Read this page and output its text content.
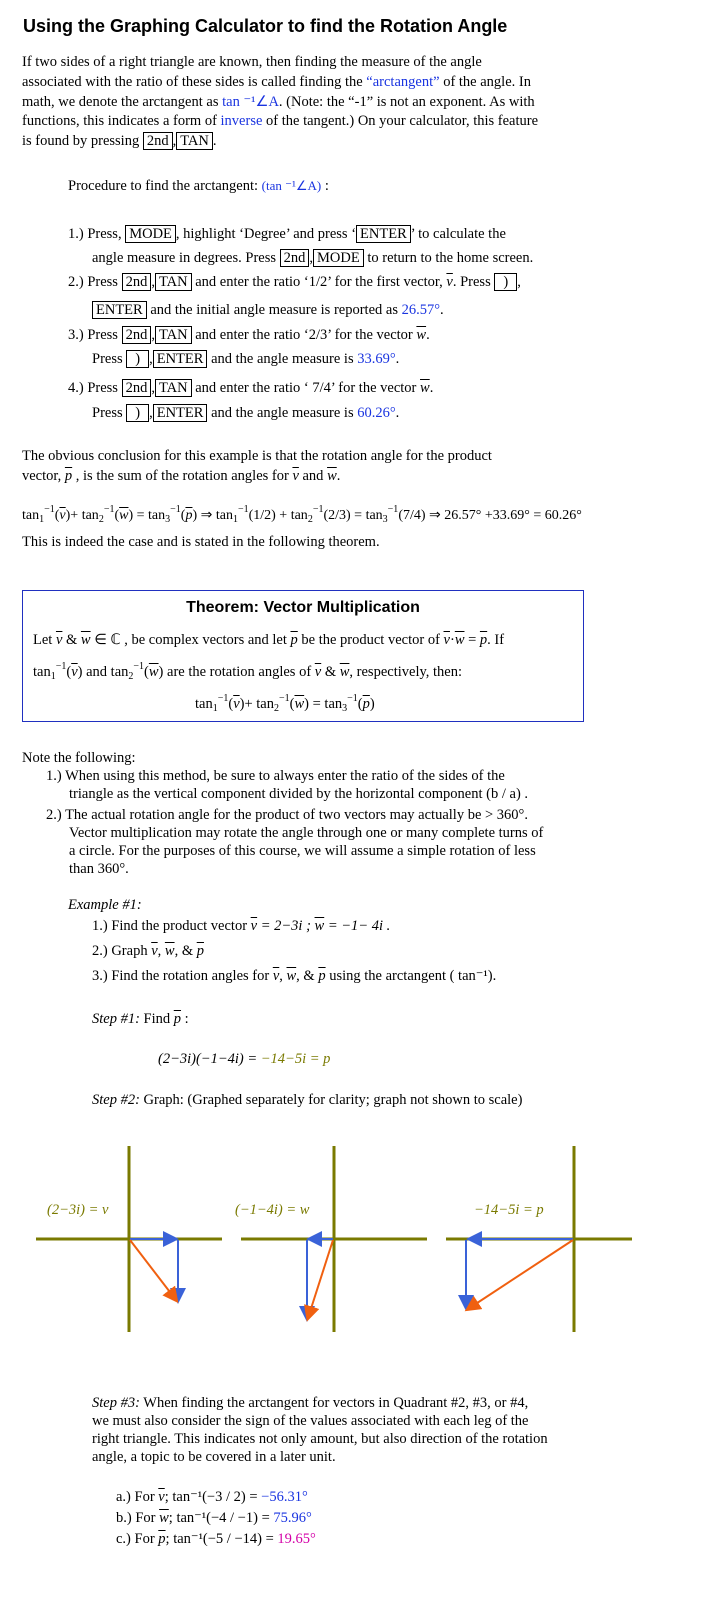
Using the Graphing Calculator to find the Rotation Angle
If two sides of a right triangle are known, then finding the measure of the angle
associated with the ratio of these sides is called finding the “arctangent” of the angle. In
math, we denote the arctangent as tan ⁻¹∠A. (Note: the “-1” is not an exponent. As with
functions, this indicates a form of inverse of the tangent.) On your calculator, this feature
is found by pressing 2nd , TAN .
Procedure to find the arctangent: (tan ⁻¹∠A) :
1.) Press, MODE , highlight ‘Degree’ and press ‘ ENTER ’ to calculate the
angle measure in degrees. Press 2nd , MODE to return to the home screen.
2.) Press 2nd , TAN and enter the ratio ‘1/2’ for the first vector, $\overline{v}$. Press ) ,
ENTER and the initial angle measure is reported as 26.57°.
3.) Press 2nd , TAN and enter the ratio ‘2/3’ for the vector $\overline{w}$.
Press ) , ENTER and the angle measure is 33.69°.
4.) Press 2nd , TAN and enter the ratio ‘ 7/4’ for the vector $\overline{w}$.
Press ) , ENTER and the angle measure is 60.26°.
The obvious conclusion for this example is that the rotation angle for the product
vector, $\overline{p}$ , is the sum of the rotation angles for $\overline{v}$ and $\overline{w}$.
$\tan_1^{-1}(\overline{v})+ \tan_2^{-1}(\overline{w}) = \tan_3^{-1}(\overline{p})$ ⇒ $\tan_1^{-1}(1/2) + \tan_2^{-1}(2/3) = \tan_3^{-1}(7/4)$ ⇒ 26.57° +33.69° = 60.26°
This is indeed the case and is stated in the following theorem.
Theorem: Vector Multiplication
Let $\overline{v}$ & $\overline{w}$ ∈ ℂ , be complex vectors and let $\overline{p}$ be the product vector of $\overline{v}\cdot\overline{w} = \overline{p}$. If
$\tan_1^{-1}(\overline{v})$ and $\tan_2^{-1}(\overline{w})$ are the rotation angles of $\overline{v}$ & $\overline{w}$, respectively, then:
$\tan_1^{-1}(\overline{v})+ \tan_2^{-1}(\overline{w}) = \tan_3^{-1}(\overline{p})$
Note the following:
1.) When using this method, be sure to always enter the ratio of the sides of the
triangle as the vertical component divided by the horizontal component (b / a) .
2.) The actual rotation angle for the product of two vectors may actually be > 360°.
Vector multiplication may rotate the angle through one or many complete turns of
a circle. For the purposes of this course, we will assume a simple rotation of less
than 360°.
Example #1:
1.) Find the product vector $\overline{v} = 2-3i$ ; $\overline{w} = -1- 4i$ .
2.) Graph $\overline{v}$, $\overline{w}$, & $\overline{p}$
3.) Find the rotation angles for $\overline{v}$, $\overline{w}$, & $\overline{p}$ using the arctangent ( tan⁻¹).
Step #1: Find $\overline{p}$ :
(2−3i)(−1−4i) = −14−5i = p
Step #2: Graph: (Graphed separately for clarity; graph not shown to scale)
(2−3i) = v	(−1−4i) = w	−14−5i = p
Step #3: When finding the arctangent for vectors in Quadrant #2, #3, or #4,
we must also consider the sign of the values associated with each leg of the
right triangle. This indicates not only amount, but also direction of the rotation
angle, a topic to be covered in a later unit.
a.) For $\overline{v}$; tan⁻¹(−3 / 2) = −56.31°
b.) For $\overline{w}$; tan⁻¹(−4 / −1) = 75.96°
c.) For $\overline{p}$; tan⁻¹(−5 / −14) = 19.65°
